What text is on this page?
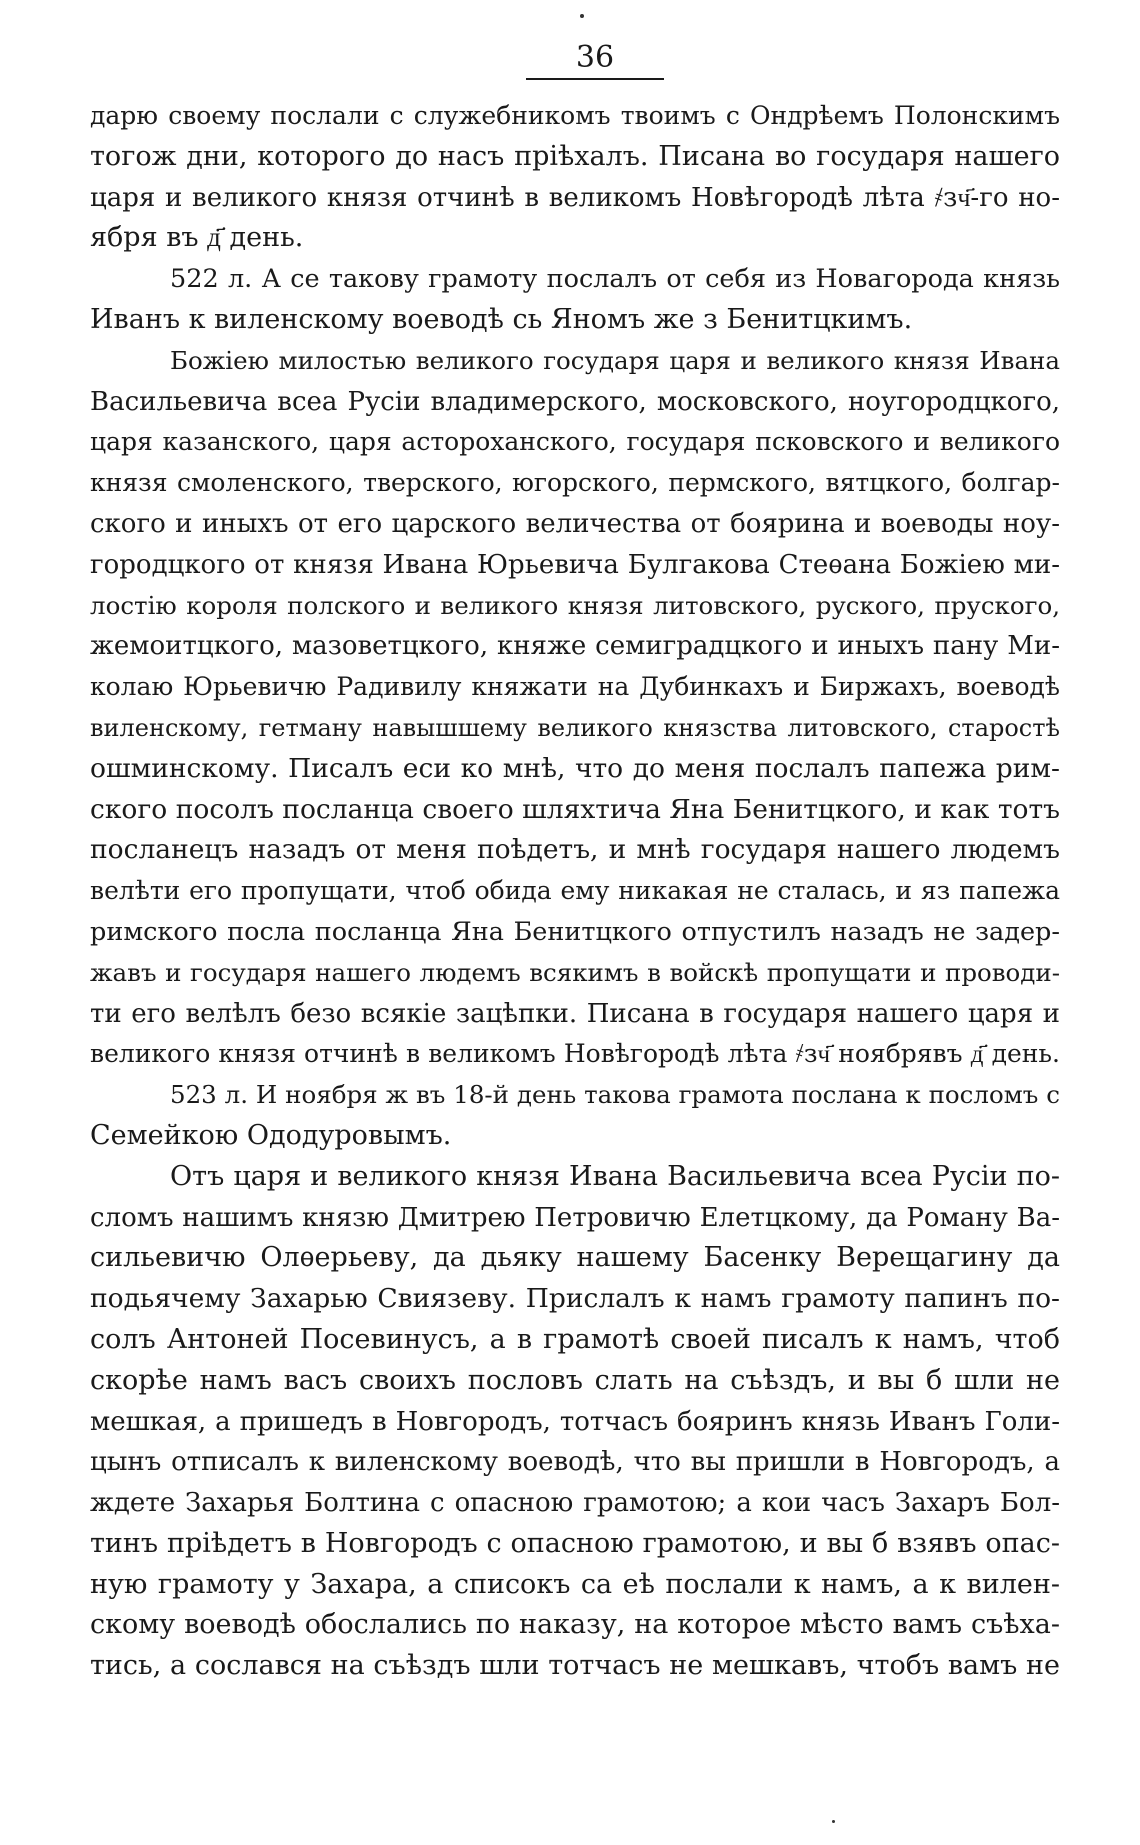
36
дарю своему послали с служебникомъ твоимъ с Ондрѣемъ Полонскимъ
тогож дни, которого до насъ прiѣхалъ. Писана во государя нашего
царя и великого князя отчинѣ в великомъ Новѣгородѣ лѣта ҂зч҃-го но-
ября въ д҃ день.
522 л. А се такову грамоту послалъ от себя из Новагорода князь
Иванъ к виленскому воеводѣ сь Яномъ же з Бенитцкимъ.
Божiею милостью великого государя царя и великого князя Ивана
Васильевича всеа Русiи владимерского, московского, ноугородцкого,
царя казанского, царя астороханского, государя псковского и великого
князя смоленского, тверского, югорского, пермского, вятцкого, болгар-
ского и иныхъ от его царского величества от боярина и воеводы ноу-
городцкого от князя Ивана Юрьевича Булгакова Стеѳана Божiею ми-
лостiю короля полского и великого князя литовского, руского, пруского,
жемоитцкого, мазоветцкого, княже семиградцкого и иныхъ пану Ми-
колаю Юрьевичю Радивилу княжати на Дубинкахъ и Биржахъ, воеводѣ
виленскому, гетману навышшему великого князства литовского, старостѣ
ошминскому. Писалъ еси ко мнѣ, что до меня послалъ папежа рим-
ского посолъ посланца своего шляхтича Яна Бенитцкого, и как тотъ
посланецъ назадъ от меня поѣдетъ, и мнѣ государя нашего людемъ
велѣти его пропущати, чтоб обида ему никакая не сталась, и яз папежа
римского посла посланца Яна Бенитцкого отпустилъ назадъ не задер-
жавъ и государя нашего людемъ всякимъ в войскѣ пропущати и проводи-
ти его велѣлъ безо всякiе зацѣпки. Писана в государя нашего царя и
великого князя отчинѣ в великомъ Новѣгородѣ лѣта ҂зч҃ ноябрявъ д҃ день.
523 л. И ноября ж въ 18-й день такова грамота послана к посломъ с
Семейкою Ододуровымъ.
Отъ царя и великого князя Ивана Васильевича всеа Русiи по-
сломъ нашимъ князю Дмитрею Петровичю Елетцкому, да Роману Ва-
сильевичю Олѳерьеву, да дьяку нашему Басенку Верещагину да
подьячему Захарью Свиязеву. Прислалъ к намъ грамоту папинъ по-
солъ Антоней Посевинусъ, а в грамотѣ своей писалъ к намъ, чтоб
скорѣе намъ васъ своихъ пословъ слать на съѣздъ, и вы б шли не
мешкая, а пришедъ в Новгородъ, тотчасъ бояринъ князь Иванъ Голи-
цынъ отписалъ к виленскому воеводѣ, что вы пришли в Новгородъ, а
ждете Захарья Болтина с опасною грамотою; а кои часъ Захаръ Бол-
тинъ прiѣдетъ в Новгородъ с опасною грамотою, и вы б взявъ опас-
ную грамоту у Захара, а списокъ са еѣ послали к намъ, а к вилен-
скому воеводѣ обослались по наказу, на которое мѣсто вамъ съѣха-
тись, а сослався на съѣздъ шли тотчасъ не мешкавъ, чтобъ вамъ не
